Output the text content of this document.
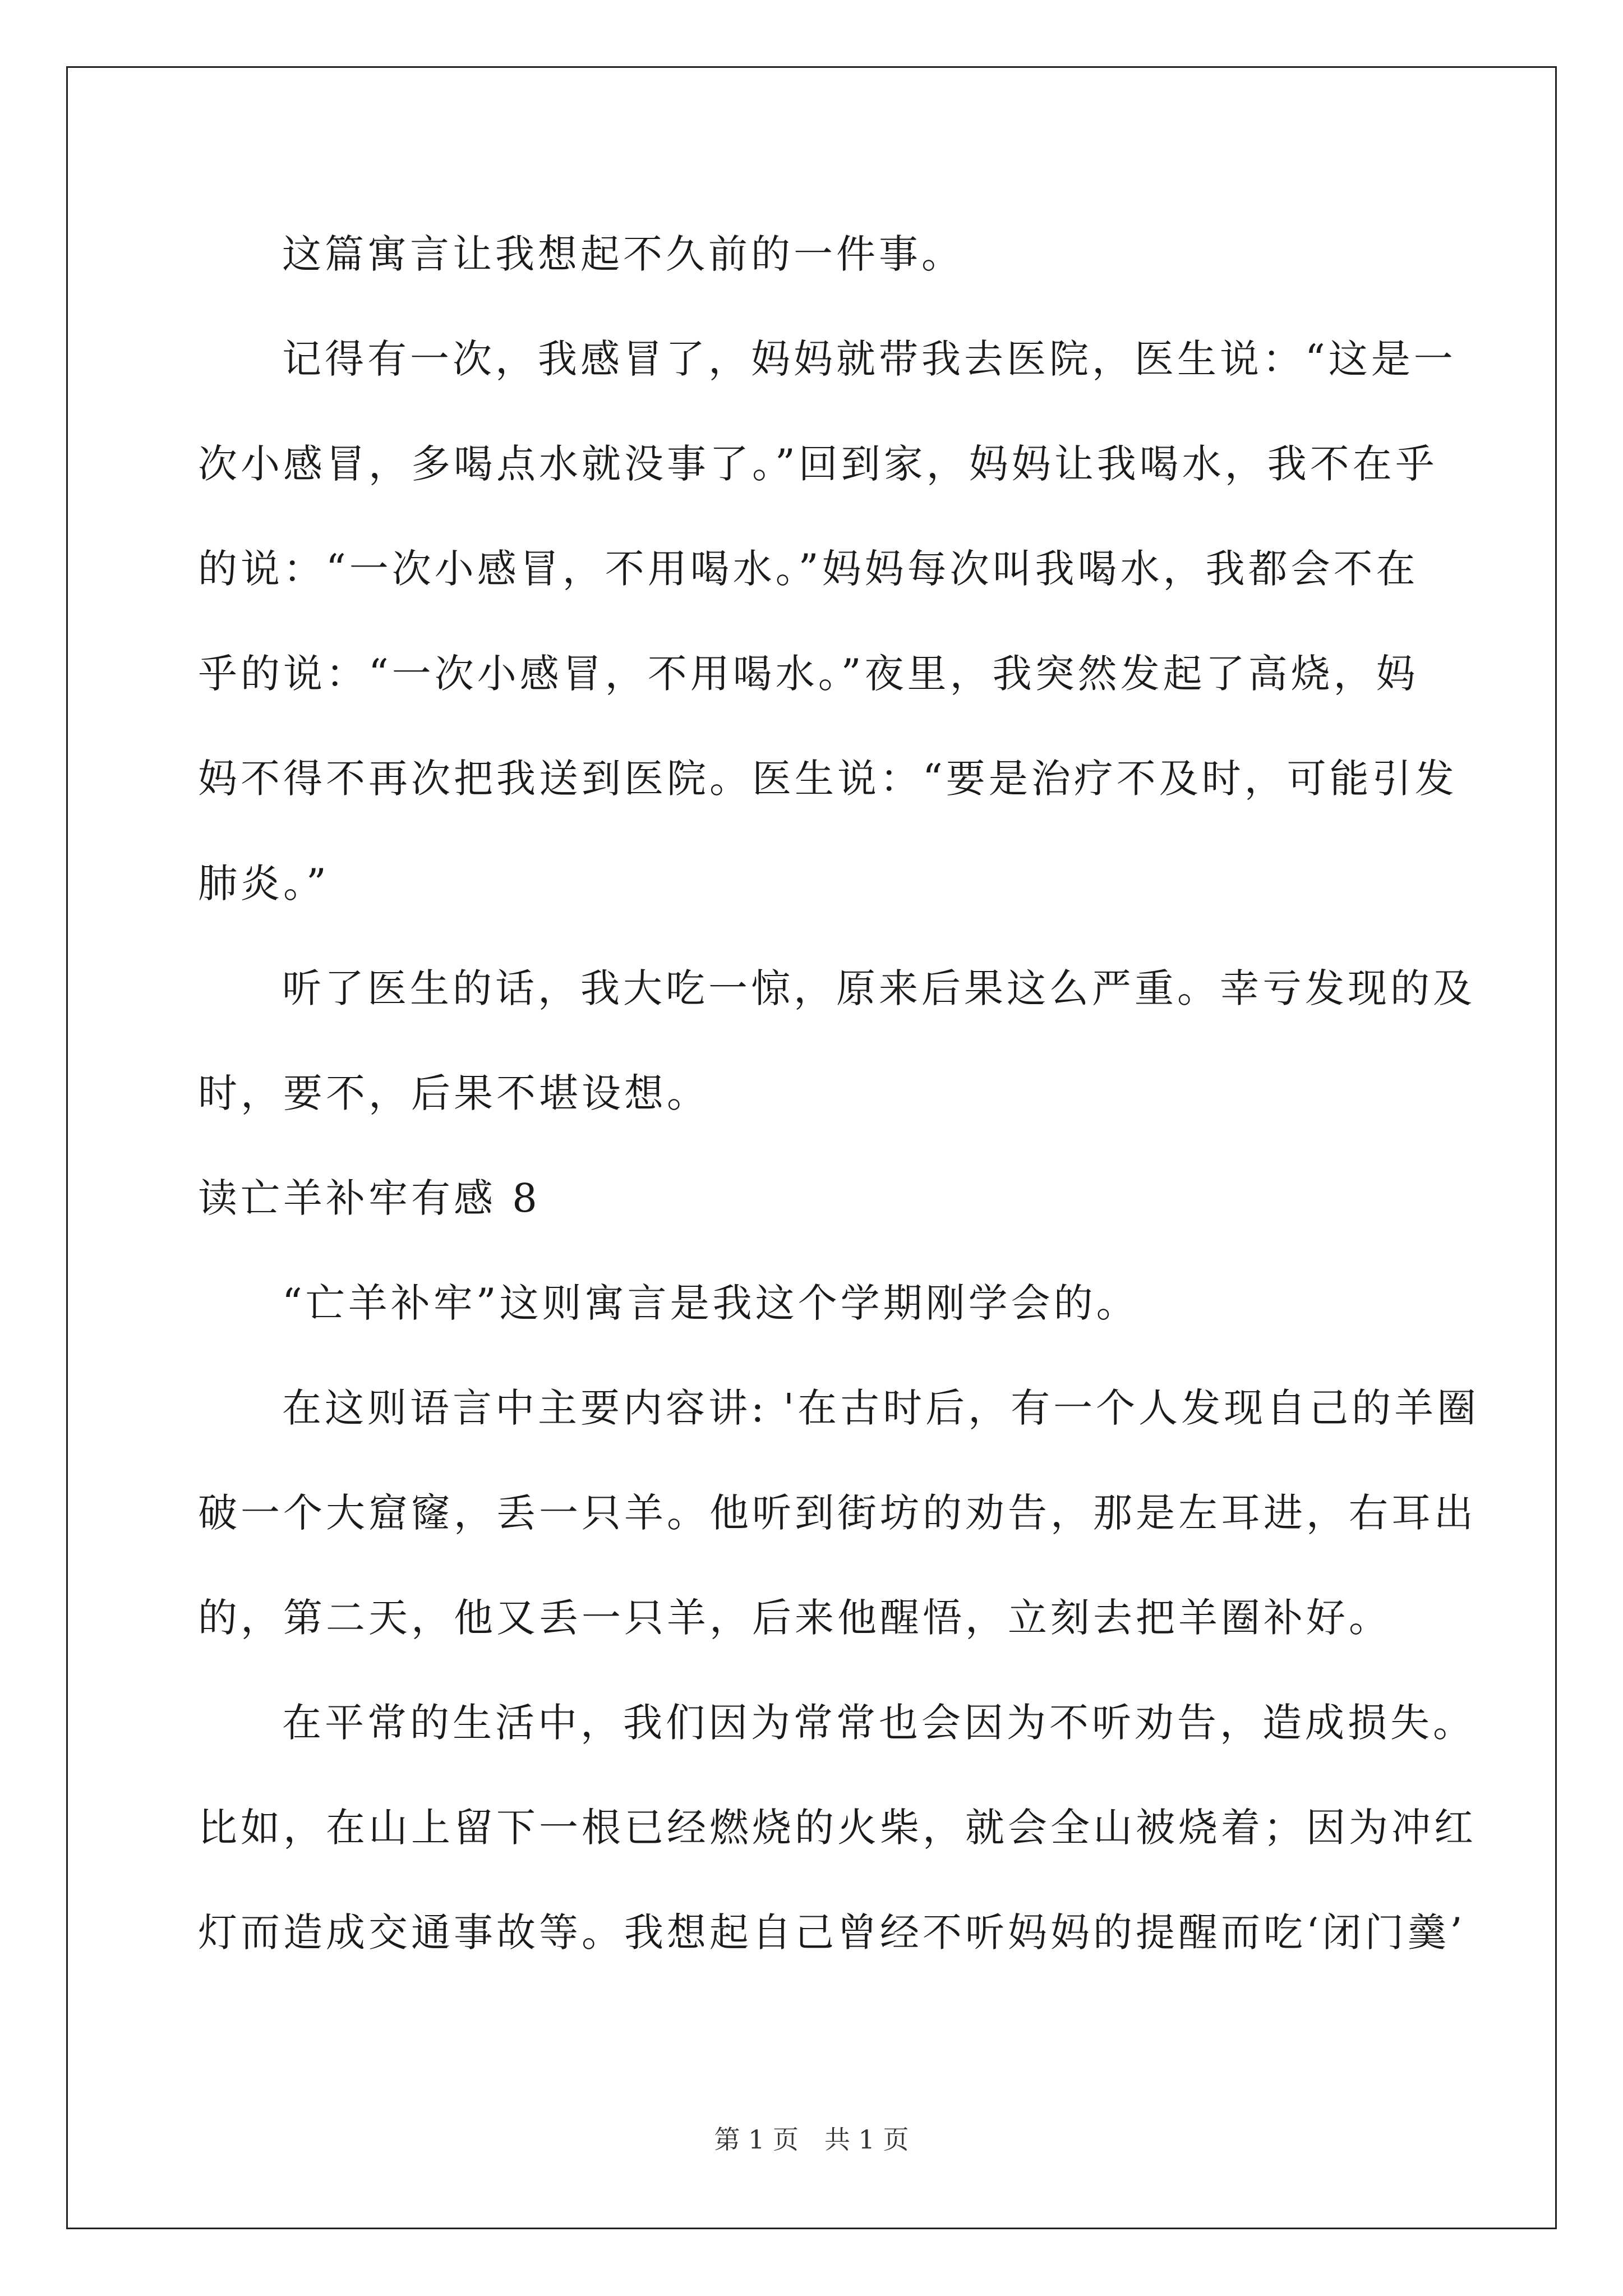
这篇寓言让我想起不久前的一件事。
记得有一次，我感冒了，妈妈就带我去医院，医生说：“这是一
次小感冒，多喝点水就没事了。”回到家，妈妈让我喝水，我不在乎
的说：“一次小感冒，不用喝水。”妈妈每次叫我喝水，我都会不在
乎的说：“一次小感冒，不用喝水。”夜里，我突然发起了高烧，妈
妈不得不再次把我送到医院。医生说：“要是治疗不及时，可能引发
肺炎。”
听了医生的话，我大吃一惊，原来后果这么严重。幸亏发现的及
时，要不，后果不堪设想。
读亡羊补牢有感 8
“亡羊补牢”这则寓言是我这个学期刚学会的。
在这则语言中主要内容讲: '在古时后，有一个人发现自己的羊圈
破一个大窟窿，丢一只羊。他听到街坊的劝告，那是左耳进，右耳出
的，第二天，他又丢一只羊，后来他醒悟，立刻去把羊圈补好。
在平常的生活中，我们因为常常也会因为不听劝告，造成损失。
比如，在山上留下一根已经燃烧的火柴，就会全山被烧着；因为冲红
灯而造成交通事故等。我想起自己曾经不听妈妈的提醒而吃‘闭门羹’
第 1 页　共 1 页
